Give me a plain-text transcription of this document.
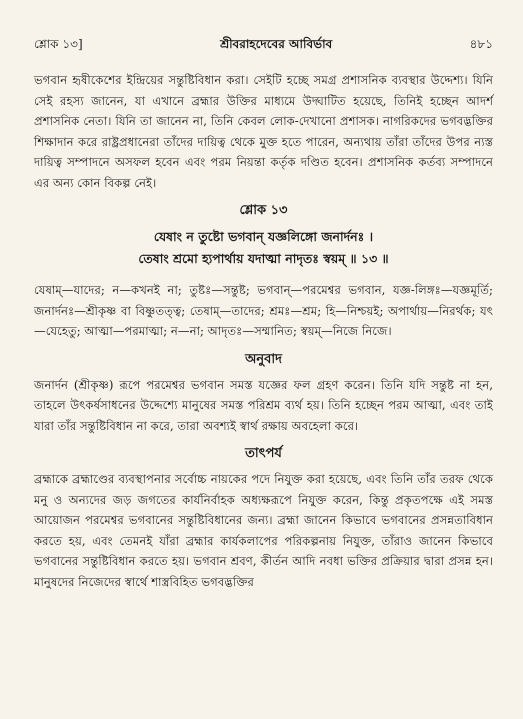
শ্লোক ১৩]	শ্রীবরাহদেবের আবির্ভাব	৪৮১

ভগবান হৃষীকেশের ইন্দ্রিয়ের সন্তুষ্টিবিধান করা। সেইটি হচ্ছে সমগ্র প্রশাসনিক ব্যবস্থার উদ্দেশ্য। যিনি সেই রহস্য জানেন, যা এখানে ব্রহ্মার উক্তির মাধ্যমে উদ্ঘাটিত হয়েছে, তিনিই হচ্ছেন আদর্শ প্রশাসনিক নেতা। যিনি তা জানেন না, তিনি কেবল লোক-দেখানো প্রশাসক। নাগরিকদের ভগবদ্ভক্তির শিক্ষাদান করে রাষ্ট্রপ্রধানেরা তাঁদের দায়িত্ব থেকে মুক্ত হতে পারেন, অন্যথায় তাঁরা তাঁদের উপর ন্যস্ত দায়িত্ব সম্পাদনে অসফল হবেন এবং পরম নিয়ন্তা কর্তৃক দণ্ডিত হবেন। প্রশাসনিক কর্তব্য সম্পাদনে এর অন্য কোন বিকল্প নেই।

শ্লোক ১৩
যেষাং ন তুষ্টো ভগবান্ যজ্ঞলিঙ্গো জনার্দনঃ ।
তেষাং শ্রমো হ্যপার্থায় যদাত্মা নাদৃতঃ স্বয়ম্ ॥ ১৩ ॥

যেষাম্—যাদের; ন—কখনই না; তুষ্টঃ—সন্তুষ্ট; ভগবান্—পরমেশ্বর ভগবান, যজ্ঞ-লিঙ্গঃ—যজ্ঞমূর্তি; জনার্দনঃ—শ্রীকৃষ্ণ বা বিষ্ণুতত্ত্ব; তেষাম্—তাদের; শ্রমঃ—শ্রম; হি—নিশ্চয়ই; অপার্থায়—নিরর্থক; যৎ—যেহেতু; আত্মা—পরমাত্মা; ন—না; আদৃতঃ—সম্মানিত; স্বয়ম্—নিজে নিজে।

অনুবাদ

জনার্দন (শ্রীকৃষ্ণ) রূপে পরমেশ্বর ভগবান সমস্ত যজ্ঞের ফল গ্রহণ করেন। তিনি যদি সন্তুষ্ট না হন, তাহলে উৎকর্ষসাধনের উদ্দেশ্যে মানুষের সমস্ত পরিশ্রম ব্যর্থ হয়। তিনি হচ্ছেন পরম আত্মা, এবং তাই যারা তাঁর সন্তুষ্টিবিধান না করে, তারা অবশ্যই স্বার্থ রক্ষায় অবহেলা করে।

তাৎপর্য

ব্রহ্মাকে ব্রহ্মাণ্ডের ব্যবস্থাপনার সর্বোচ্চ নায়কের পদে নিযুক্ত করা হয়েছে, এবং তিনি তাঁর তরফ থেকে মনু ও অন্যদের জড় জগতের কার্যনির্বাহক অধ্যক্ষরূপে নিযুক্ত করেন, কিন্তু প্রকৃতপক্ষে এই সমস্ত আয়োজন পরমেশ্বর ভগবানের সন্তুষ্টিবিধানের জন্য। ব্রহ্মা জানেন কিভাবে ভগবানের প্রসন্নতাবিধান করতে হয়, এবং তেমনই যাঁরা ব্রহ্মার কার্যকলাপের পরিকল্পনায় নিযুক্ত, তাঁরাও জানেন কিভাবে ভগবানের সন্তুষ্টিবিধান করতে হয়। ভগবান শ্রবণ, কীর্তন আদি নবধা ভক্তির প্রক্রিয়ার দ্বারা প্রসন্ন হন। মানুষদের নিজেদের স্বার্থে শাস্ত্রবিহিত ভগবদ্ভক্তির
